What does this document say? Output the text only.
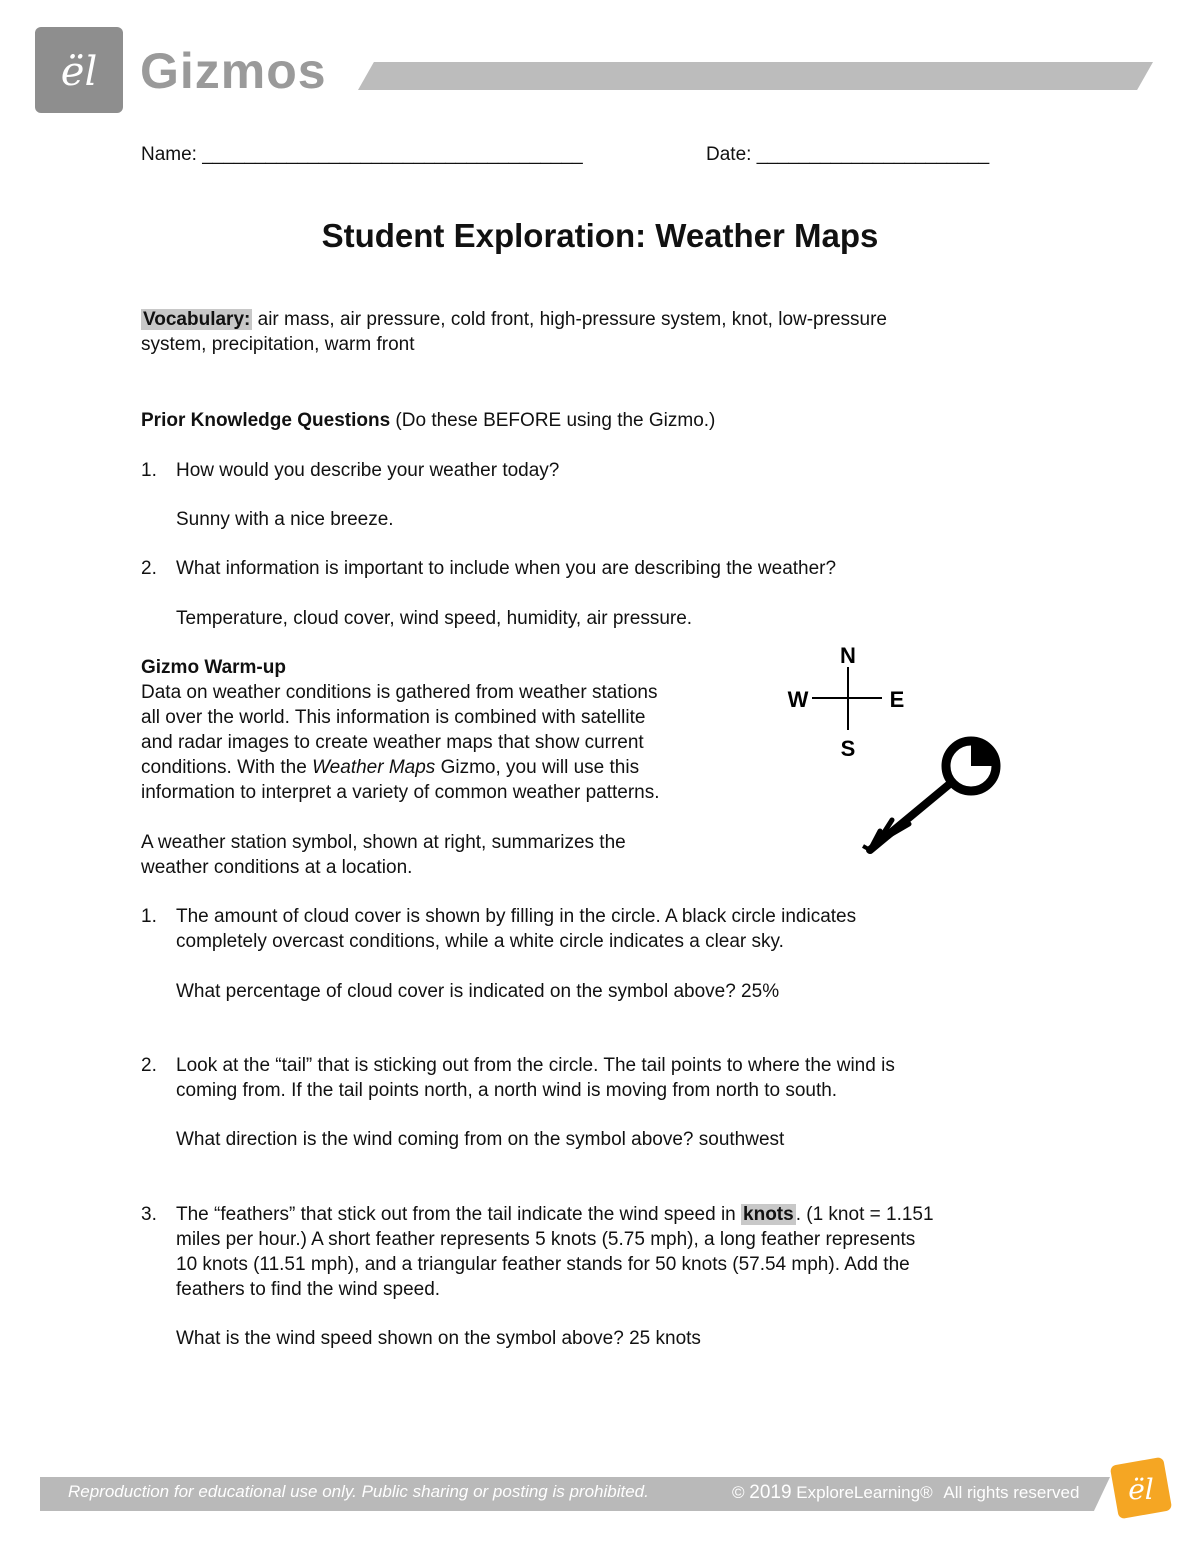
ël Gizmos
Name: ____________________________________	Date: ______________________
Student Exploration: Weather Maps
Vocabulary: air mass, air pressure, cold front, high-pressure system, knot, low-pressure
system, precipitation, warm front
Prior Knowledge Questions (Do these BEFORE using the Gizmo.)
1. How would you describe your weather today?
Sunny with a nice breeze.
2. What information is important to include when you are describing the weather?
Temperature, cloud cover, wind speed, humidity, air pressure.
Gizmo Warm-up
Data on weather conditions is gathered from weather stations
all over the world. This information is combined with satellite
and radar images to create weather maps that show current
conditions. With the Weather Maps Gizmo, you will use this
information to interpret a variety of common weather patterns.
A weather station symbol, shown at right, summarizes the
weather conditions at a location.
N
S
E
W
1. The amount of cloud cover is shown by filling in the circle. A black circle indicates
completely overcast conditions, while a white circle indicates a clear sky.
What percentage of cloud cover is indicated on the symbol above? 25%
2. Look at the “tail” that is sticking out from the circle. The tail points to where the wind is
coming from. If the tail points north, a north wind is moving from north to south.
What direction is the wind coming from on the symbol above? southwest
3. The “feathers” that stick out from the tail indicate the wind speed in knots . (1 knot = 1.151
miles per hour.) A short feather represents 5 knots (5.75 mph), a long feather represents
10 knots (11.51 mph), and a triangular feather stands for 50 knots (57.54 mph). Add the
feathers to find the wind speed.
What is the wind speed shown on the symbol above? 25 knots
Reproduction for educational use only. Public sharing or posting is prohibited.	© 2019 ExploreLearning® All rights reserved ël
